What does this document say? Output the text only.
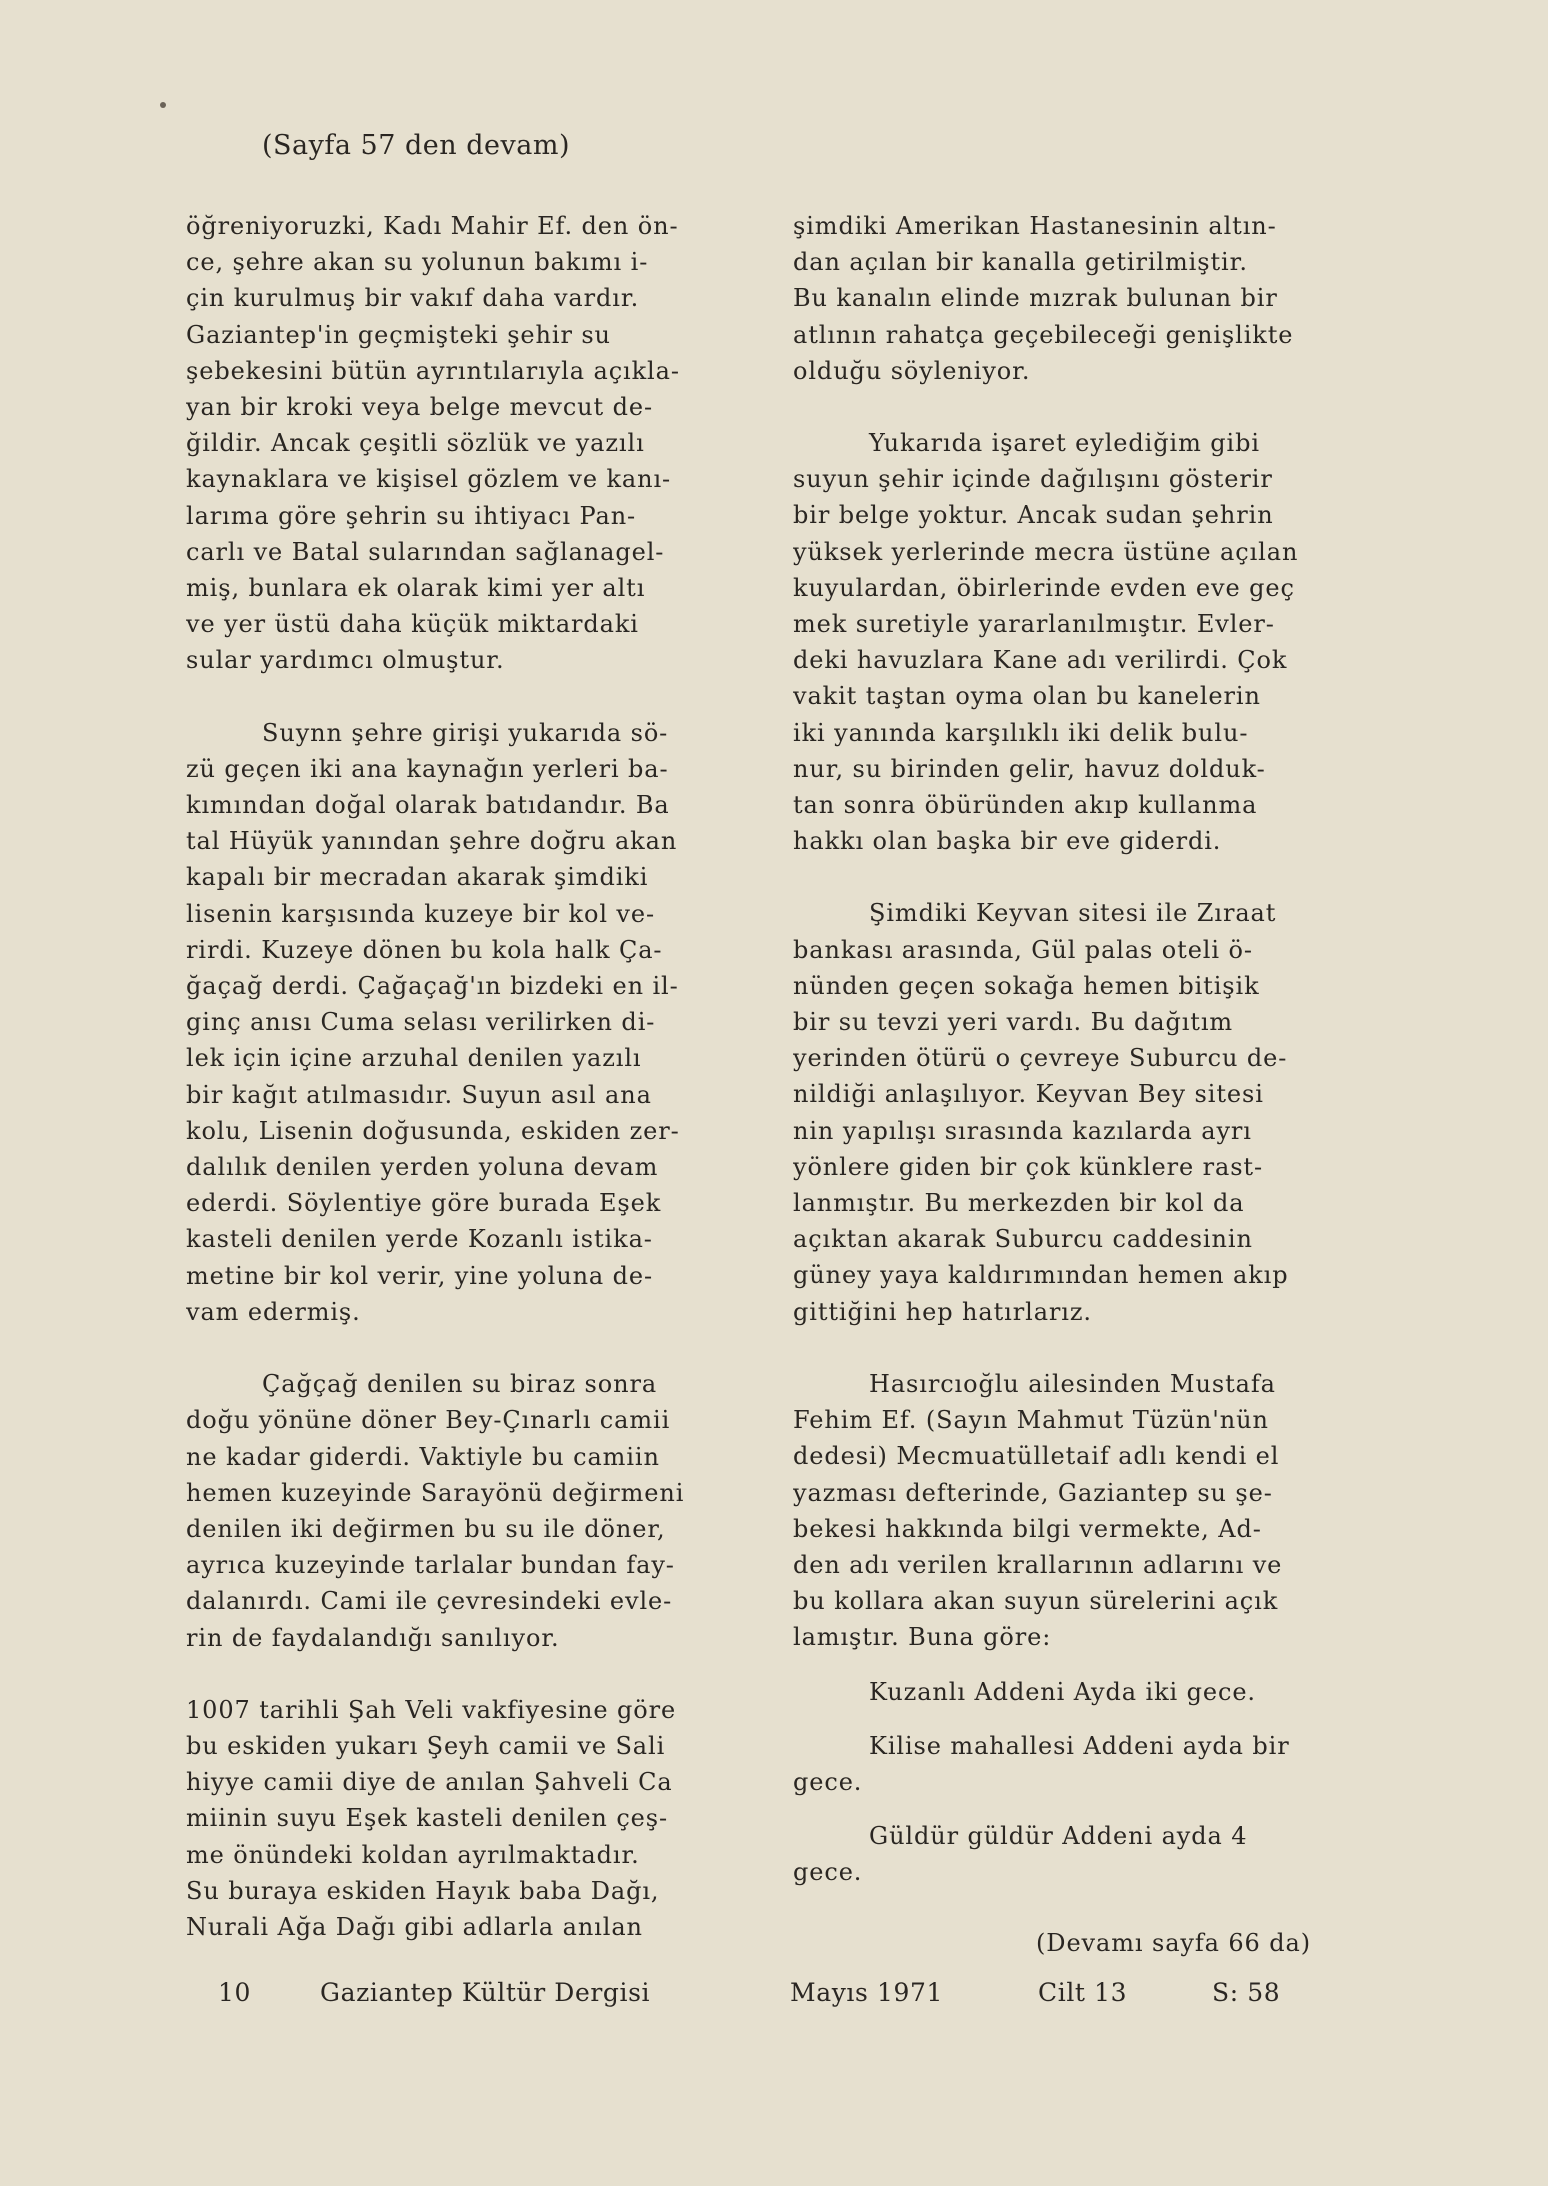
(Sayfa 57 den devam)
öğreniyoruzki, Kadı Mahir Ef. den ön-
ce, şehre akan su yolunun bakımı i-
çin kurulmuş bir vakıf daha vardır.
Gaziantep'in geçmişteki şehir su
şebekesini bütün ayrıntılarıyla açıkla-
yan bir kroki veya belge mevcut de-
ğildir. Ancak çeşitli sözlük ve yazılı
kaynaklara ve kişisel gözlem ve kanı-
larıma göre şehrin su ihtiyacı Pan-
carlı ve Batal sularından sağlanagel-
miş, bunlara ek olarak kimi yer altı
ve yer üstü daha küçük miktardaki
sular yardımcı olmuştur.
Suynn şehre girişi yukarıda sö-
zü geçen iki ana kaynağın yerleri ba-
kımından doğal olarak batıdandır. Ba
tal Hüyük yanından şehre doğru akan
kapalı bir mecradan akarak şimdiki
lisenin karşısında kuzeye bir kol ve-
rirdi. Kuzeye dönen bu kola halk Ça-
ğaçağ derdi. Çağaçağ'ın bizdeki en il-
ginç anısı Cuma selası verilirken di-
lek için içine arzuhal denilen yazılı
bir kağıt atılmasıdır. Suyun asıl ana
kolu, Lisenin doğusunda, eskiden zer-
dalılık denilen yerden yoluna devam
ederdi. Söylentiye göre burada Eşek
kasteli denilen yerde Kozanlı istika-
metine bir kol verir, yine yoluna de-
vam edermiş.
Çağçağ denilen su biraz sonra
doğu yönüne döner Bey-Çınarlı camii
ne kadar giderdi. Vaktiyle bu camiin
hemen kuzeyinde Sarayönü değirmeni
denilen iki değirmen bu su ile döner,
ayrıca kuzeyinde tarlalar bundan fay-
dalanırdı. Cami ile çevresindeki evle-
rin de faydalandığı sanılıyor.
1007 tarihli Şah Veli vakfiyesine göre
bu eskiden yukarı Şeyh camii ve Sali
hiyye camii diye de anılan Şahveli Ca
miinin suyu Eşek kasteli denilen çeş-
me önündeki koldan ayrılmaktadır.
Su buraya eskiden Hayık baba Dağı,
Nurali Ağa Dağı gibi adlarla anılan
şimdiki Amerikan Hastanesinin altın-
dan açılan bir kanalla getirilmiştir.
Bu kanalın elinde mızrak bulunan bir
atlının rahatça geçebileceği genişlikte
olduğu söyleniyor.
Yukarıda işaret eylediğim gibi
suyun şehir içinde dağılışını gösterir
bir belge yoktur. Ancak sudan şehrin
yüksek yerlerinde mecra üstüne açılan
kuyulardan, öbirlerinde evden eve geç
mek suretiyle yararlanılmıştır. Evler-
deki havuzlara Kane adı verilirdi. Çok
vakit taştan oyma olan bu kanelerin
iki yanında karşılıklı iki delik bulu-
nur, su birinden gelir, havuz dolduk-
tan sonra öbüründen akıp kullanma
hakkı olan başka bir eve giderdi.
Şimdiki Keyvan sitesi ile Zıraat
bankası arasında, Gül palas oteli ö-
nünden geçen sokağa hemen bitişik
bir su tevzi yeri vardı. Bu dağıtım
yerinden ötürü o çevreye Suburcu de-
nildiği anlaşılıyor. Keyvan Bey sitesi
nin yapılışı sırasında kazılarda ayrı
yönlere giden bir çok künklere rast-
lanmıştır. Bu merkezden bir kol da
açıktan akarak Suburcu caddesinin
güney yaya kaldırımından hemen akıp
gittiğini hep hatırlarız.
Hasırcıoğlu ailesinden Mustafa
Fehim Ef. (Sayın Mahmut Tüzün'nün
dedesi) Mecmuatülletaif adlı kendi el
yazması defterinde, Gaziantep su şe-
bekesi hakkında bilgi vermekte, Ad-
den adı verilen krallarının adlarını ve
bu kollara akan suyun sürelerini açık
lamıştır. Buna göre:
Kuzanlı Addeni Ayda iki gece.
Kilise mahallesi Addeni ayda bir
gece.
Güldür güldür Addeni ayda 4
gece.
(Devamı sayfa 66 da)
10	Gaziantep Kültür Dergisi	Mayıs 1971	Cilt 13	S: 58
